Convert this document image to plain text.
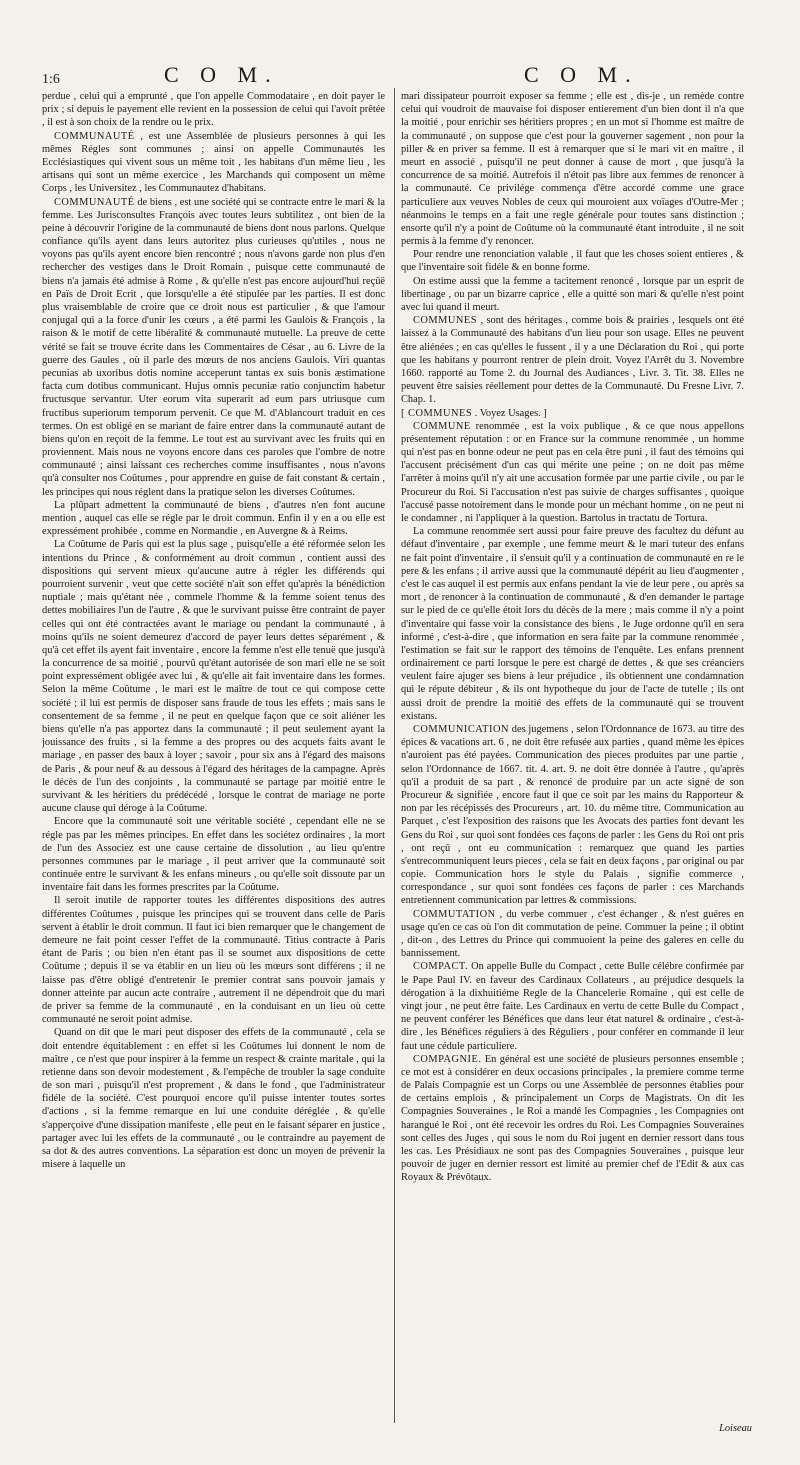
1:6	C O M.	C O M.

perdue , celui qui a emprunté , que l'on appelle Commodataire , en doit payer le prix ; si depuis le payement elle revient en la possession de celui qui l'avoit prêtée , il est à son choix de la rendre ou le prix.

COMMUNAUTÉ , est une Assemblée de plusieurs personnes à qui les mêmes Régles sont communes ; ainsi on appelle Communautés les Ecclésiastiques qui vivent sous un même toit , les habitans d'un même lieu , les artisans qui sont un même exercice , les Marchands qui composent un même Corps , les Universitez , les Communautez d'habitans.

COMMUNAUTÉ de biens , est une société qui se contracte entre le mari & la femme. Les Jurisconsultes François avec toutes leurs subtilitez , ont bien de la peine à découvrir l'origine de la communauté de biens dont nous parlons. Quelque confiance qu'ils ayent dans leurs autoritez plus curieuses qu'utiles , nous ne voyons pas qu'ils ayent encore bien rencontré ; nous n'avons garde non plus d'en rechercher des vestiges dans le Droit Romain , puisque cette communauté de biens n'a jamais été admise à Rome , & qu'elle n'est pas encore aujourd'hui reçûë en Païs de Droit Ecrit , que lorsqu'elle a été stipulée par les parties. Il est donc plus vraisemblable de croire que ce droit nous est particulier , & que l'amour conjugal qui a la force d'unir les cœurs , a été parmi les Gaulois & François , la raison & le motif de cette libéralité & communauté mutuelle. La preuve de cette vérité se fait se trouve écrite dans les Commentaires de César , au 6. Livre de la guerre des Gaules , où il parle des mœurs de nos anciens Gaulois. Viri quantas pecunias ab uxoribus dotis nomine acceperunt tantas ex suis bonis æstimatione facta cum dotibus communicant. Hujus omnis pecuniæ ratio conjunctim habetur fructusque servantur. Uter eorum vita superarit ad eum pars utriusque cum fructibus superiorum temporum pervenit. Ce que M. d'Ablancourt traduit en ces termes. On est obligé en se mariant de faire entrer dans la communauté autant de biens qu'on en reçoit de la femme. Le tout est au survivant avec les fruits qui en proviennent. Mais nous ne voyons encore dans ces paroles que l'ombre de notre communauté ; ainsi laissant ces recherches comme insuffisantes , nous n'avons qu'à consulter nos Coûtumes , pour apprendre en guise de fait constant & certain , les principes qui nous réglent dans la pratique selon les diverses Coûtumes.

La plûpart admettent la communauté de biens , d'autres n'en font aucune mention , auquel cas elle se régle par le droit commun. Enfin il y en a ou elle est expressément prohibée , comme en Normandie , en Auvergne & à Reims.

La Coûtume de Paris qui est la plus sage , puisqu'elle a été réformée selon les intentions du Prince , & conformément au droit commun , contient aussi des dispositions qui servent mieux qu'aucune autre à régler les différends qui pourroient survenir , veut que cette société n'ait son effet qu'après la bénédiction nuptiale ; mais qu'étant née , commele l'homme & la femme soient tenus des dettes mobiliaires l'un de l'autre , & que le survivant puisse être contraint de payer celles qui ont été contractées avant le mariage ou pendant la communauté , à moins qu'ils ne soient demeurez d'accord de payer leurs dettes séparément , & qu'à cet effet ils ayent fait inventaire , encore la femme n'est elle tenuë que jusqu'à la concurrence de sa moitié , pourvû qu'étant autorisée de son mari elle ne se soit point expressément obligée avec lui , & qu'elle ait fait inventaire dans les formes. Selon la même Coûtume , le mari est le maître de tout ce qui compose cette société ; il lui est permis de disposer sans fraude de tous les effets ; mais sans le consentement de sa femme , il ne peut en quelque façon que ce soit aliéner les biens qu'elle n'a pas apportez dans la communauté ; il peut seulement ayant la jouissance des fruits , si la femme a des propres ou des acquets faits avant le mariage , en passer des baux à loyer ; savoir , pour six ans à l'égard des maisons de Paris , & pour neuf & au dessous à l'égard des héritages de la campagne. Après le décès de l'un des conjoints , la communauté se partage par moitié entre le survivant & les héritiers du prédécédé , lorsque le contrat de mariage ne porte aucune clause qui déroge à la Coûtume.

Encore que la communauté soit une véritable société , cependant elle ne se régle pas par les mêmes principes. En effet dans les sociétez ordinaires , la mort de l'un des Associez est une cause certaine de dissolution , au lieu qu'entre personnes communes par le mariage , il peut arriver que la communauté soit continuée entre le survivant & les enfans mineurs , ou qu'elle soit dissoute par un inventaire fait dans les formes prescrites par la Coûtume.

Il seroit inutile de rapporter toutes les différentes dispositions des autres différentes Coûtumes , puisque les principes qui se trouvent dans celle de Paris servent à établir le droit commun. Il faut ici bien remarquer que le changement de demeure ne fait point cesser l'effet de la communauté. Titius contracte à Paris étant de Paris ; ou bien n'en étant pas il se soumet aux dispositions de cette Coûtume ; depuis il se va établir en un lieu où les mœurs sont différens ; il ne laisse pas d'être obligé d'entretenir le premier contrat sans pouvoir jamais y donner atteinte par aucun acte contraire , autrement il ne dépendroit que du mari de priver sa femme de la communauté , en la conduisant en un lieu où cette communauté ne seroit point admise.

Quand on dit que le mari peut disposer des effets de la communauté , cela se doit entendre équitablement : en effet si les Coûtumes lui donnent le nom de maître , ce n'est que pour inspirer à la femme un respect & crainte maritale , qui la retienne dans son devoir modestement , & l'empêche de troubler la sage conduite de son mari , puisqu'il n'est proprement , & dans le fond , que l'administrateur fidéle de la société. C'est pourquoi encore qu'il puisse intenter toutes sortes d'actions , si la femme remarque en lui une conduite déréglée , & qu'elle s'apperçoive d'une dissipation manifeste , elle peut en le faisant séparer en justice , partager avec lui les effets de la communauté , ou le contraindre au payement de sa dot & des autres conventions. La séparation est donc un moyen de prévenir la misere à laquelle un

mari dissipateur pourroit exposer sa femme ; elle est , dis-je , un remède contre celui qui voudroit de mauvaise foi disposer entierement d'un bien dont il n'a que la moitié , pour enrichir ses héritiers propres ; en un mot si l'homme est maître de la communauté , on suppose que c'est pour la gouverner sagement , non pour la piller & en priver sa femme. Il est à remarquer que si le mari vit en maître , il meurt en associé , puisqu'il ne peut donner à cause de mort , que jusqu'à la concurrence de sa moitié. Autrefois il n'étoit pas libre aux femmes de renoncer à la communauté. Ce privilége commença d'être accordé comme une grace particuliere aux veuves Nobles de ceux qui mouroient aux voïages d'Outre-Mer ; néanmoins le temps en a fait une regle générale pour toutes sans distinction ; ensorte qu'il n'y a point de Coûtume où la communauté étant introduite , il ne soit permis à la femme d'y renoncer.

Pour rendre une renonciation valable , il faut que les choses soient entieres , & que l'inventaire soit fidéle & en bonne forme.

On estime aussi que la femme a tacitement renoncé , lorsque par un esprit de libertinage , ou par un bizarre caprice , elle a quitté son mari & qu'elle n'est point avec lui quand il meurt.

COMMUNES , sont des héritages , comme bois & prairies , lesquels ont été laissez à la Communauté des habitans d'un lieu pour son usage. Elles ne peuvent être aliénées ; en cas qu'elles le fussent , il y a une Déclaration du Roi , qui porte que les habitans y pourront rentrer de plein droit. Voyez l'Arrêt du 3. Novembre 1660. rapporté au Tome 2. du Journal des Audiances , Livr. 3. Tit. 38. Elles ne peuvent être saisies réellement pour dettes de la Communauté. Du Fresne Livr. 7. Chap. 1.

[ COMMUNES . Voyez Usages. ]

COMMUNE renommée , est la voix publique , & ce que nous appellons présentement réputation : or en France sur la commune renommée , un homme qui n'est pas en bonne odeur ne peut pas en cela être puni , il faut des témoins qui l'accusent précisément d'un cas qui mérite une peine ; on ne doit pas même l'arrêter à moins qu'il n'y ait une accusation formée par une partie civile , ou par le Procureur du Roi. Si l'accusation n'est pas suivie de charges suffisantes , quoique l'accusé passe notoirement dans le monde pour un méchant homme , on ne peut ni le condamner , ni l'appliquer à la question. Bartolus in tractatu de Tortura.

La commune renommée sert aussi pour faire preuve des facultez du défunt au défaut d'inventaire , par exemple , une femme meurt & le mari tuteur des enfans ne fait point d'inventaire , il s'ensuit qu'il y a continuation de communauté en re le pere & les enfans ; il arrive aussi que la communauté dépérit au lieu d'augmenter , c'est le cas auquel il est permis aux enfans pendant la vie de leur pere , ou après sa mort , de renoncer à la continuation de communauté , & d'en demander le partage sur le pied de ce qu'elle étoit lors du décès de la mere ; mais comme il n'y a point d'inventaire qui fasse voir la consistance des biens , le Juge ordonne qu'il en sera informé , c'est-à-dire , que information en sera faite par la commune renommée , l'estimation se fait sur le rapport des témoins de l'enquête. Les enfans prennent ordinairement ce parti lorsque le pere est chargé de dettes , & que ses créanciers veulent faire ajuger ses biens à leur préjudice , ils obtiennent une condamnation qui le répute débiteur , & ils ont hypotheque du jour de l'acte de tutelle ; ils ont aussi droit de prendre la moitié des effets de la communauté qui se trouvent existans.

COMMUNICATION des jugemens , selon l'Ordonnance de 1673. au titre des épices & vacations art. 6 , ne doit être refusée aux parties , quand même les épices n'auroient pas été payées. Communication des pieces produites par une partie , selon l'Ordonnance de 1667. tit. 4. art. 9. ne doit être donnée à l'autre , qu'après qu'il a produit de sa part , & renoncé de produire par un acte signé de son Procureur & signifiée , encore faut il que ce soit par les mains du Rapporteur & non par les récépissés des Procureurs , art. 10. du même titre. Communication au Parquet , c'est l'exposition des raisons que les Avocats des parties font devant les Gens du Roi , sur quoi sont fondées ces façons de parler : les Gens du Roi ont pris , ont reçû , ont eu communication : remarquez que quand les parties s'entrecommuniquent leurs pieces , cela se fait en deux façons , par original ou par copie. Communication hors le style du Palais , signifie commerce , correspondance , sur quoi sont fondées ces façons de parler : ces Marchands entretiennent communication par lettres & commissions.

COMMUTATION , du verbe commuer , c'est échanger , & n'est guéres en usage qu'en ce cas où l'on dit commutation de peine. Commuer la peine ; il obtint , dit-on , des Lettres du Prince qui commuoient la peine des galeres en celle du bannissement.

COMPACT. On appelle Bulle du Compact , cette Bulle célébre confirmée par le Pape Paul IV. en faveur des Cardinaux Collateurs , au préjudice desquels la dérogation à la dixhuitiéme Regle de la Chancelerie Romaine , qui est celle de vingt jour , ne peut être faite. Les Cardinaux en vertu de cette Bulle du Compact , ne peuvent conférer les Bénéfices que dans leur état naturel & ordinaire , c'est-à-dire , les Bénéfices réguliers à des Réguliers , pour conférer en commande il leur faut une cédule particuliere.

COMPAGNIE. En général est une société de plusieurs personnes ensemble ; ce mot est à considérer en deux occasions principales , la premiere comme terme de Palais Compagnie est un Corps ou une Assemblée de personnes établies pour de certains emplois , & principalement un Corps de Magistrats. On dit les Compagnies Souveraines , le Roi a mandé les Compagnies , les Compagnies ont harangué le Roi , ont été recevoir les ordres du Roi. Les Compagnies Souveraines sont celles des Juges , qui sous le nom du Roi jugent en dernier ressort dans tous les cas. Les Présidiaux ne sont pas des Compagnies Souveraines , puisque leur pouvoir de juger en dernier ressort est limité au premier chef de l'Edit & aux cas Royaux & Prévôtaux.

Loiseau
